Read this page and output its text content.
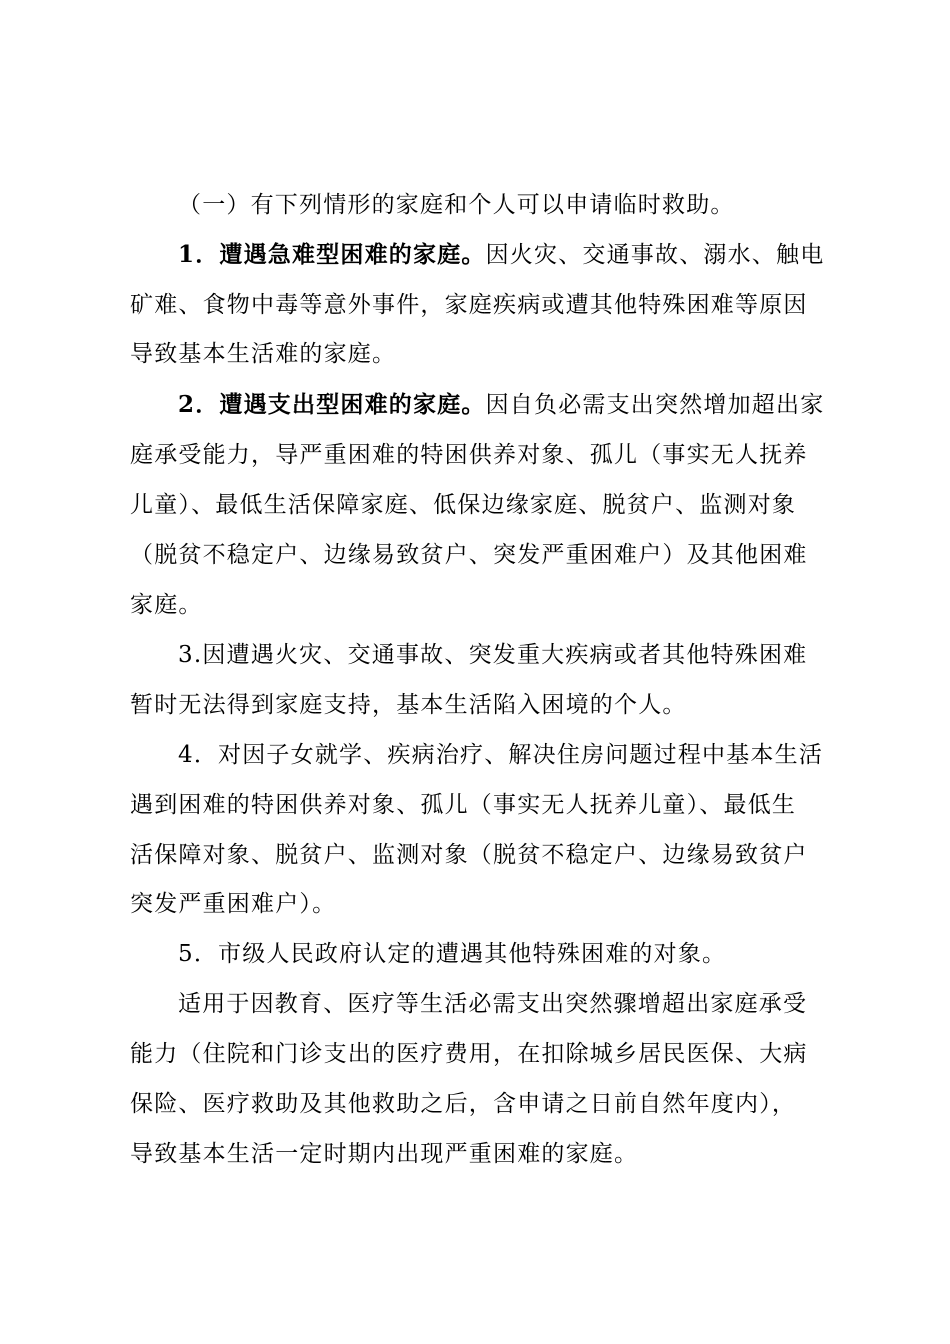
（一）有下列情形的家庭和个人可以申请临时救助。
1．遭遇急难型困难的家庭。因火灾、交通事故、溺水、触电
矿难、食物中毒等意外事件，家庭疾病或遭其他特殊困难等原因
导致基本生活难的家庭。
2．遭遇支出型困难的家庭。因自负必需支出突然增加超出家
庭承受能力，导严重困难的特困供养对象、孤儿（事实无人抚养
儿童）、最低生活保障家庭、低保边缘家庭、脱贫户、监测对象
（脱贫不稳定户、边缘易致贫户、突发严重困难户）及其他困难
家庭。
3.因遭遇火灾、交通事故、突发重大疾病或者其他特殊困难
暂时无法得到家庭支持，基本生活陷入困境的个人。
4．对因子女就学、疾病治疗、解决住房问题过程中基本生活
遇到困难的特困供养对象、孤儿（事实无人抚养儿童）、最低生
活保障对象、脱贫户、监测对象（脱贫不稳定户、边缘易致贫户
突发严重困难户）。
5．市级人民政府认定的遭遇其他特殊困难的对象。
适用于因教育、医疗等生活必需支出突然骤增超出家庭承受
能力（住院和门诊支出的医疗费用，在扣除城乡居民医保、大病
保险、医疗救助及其他救助之后，含申请之日前自然年度内），
导致基本生活一定时期内出现严重困难的家庭。
